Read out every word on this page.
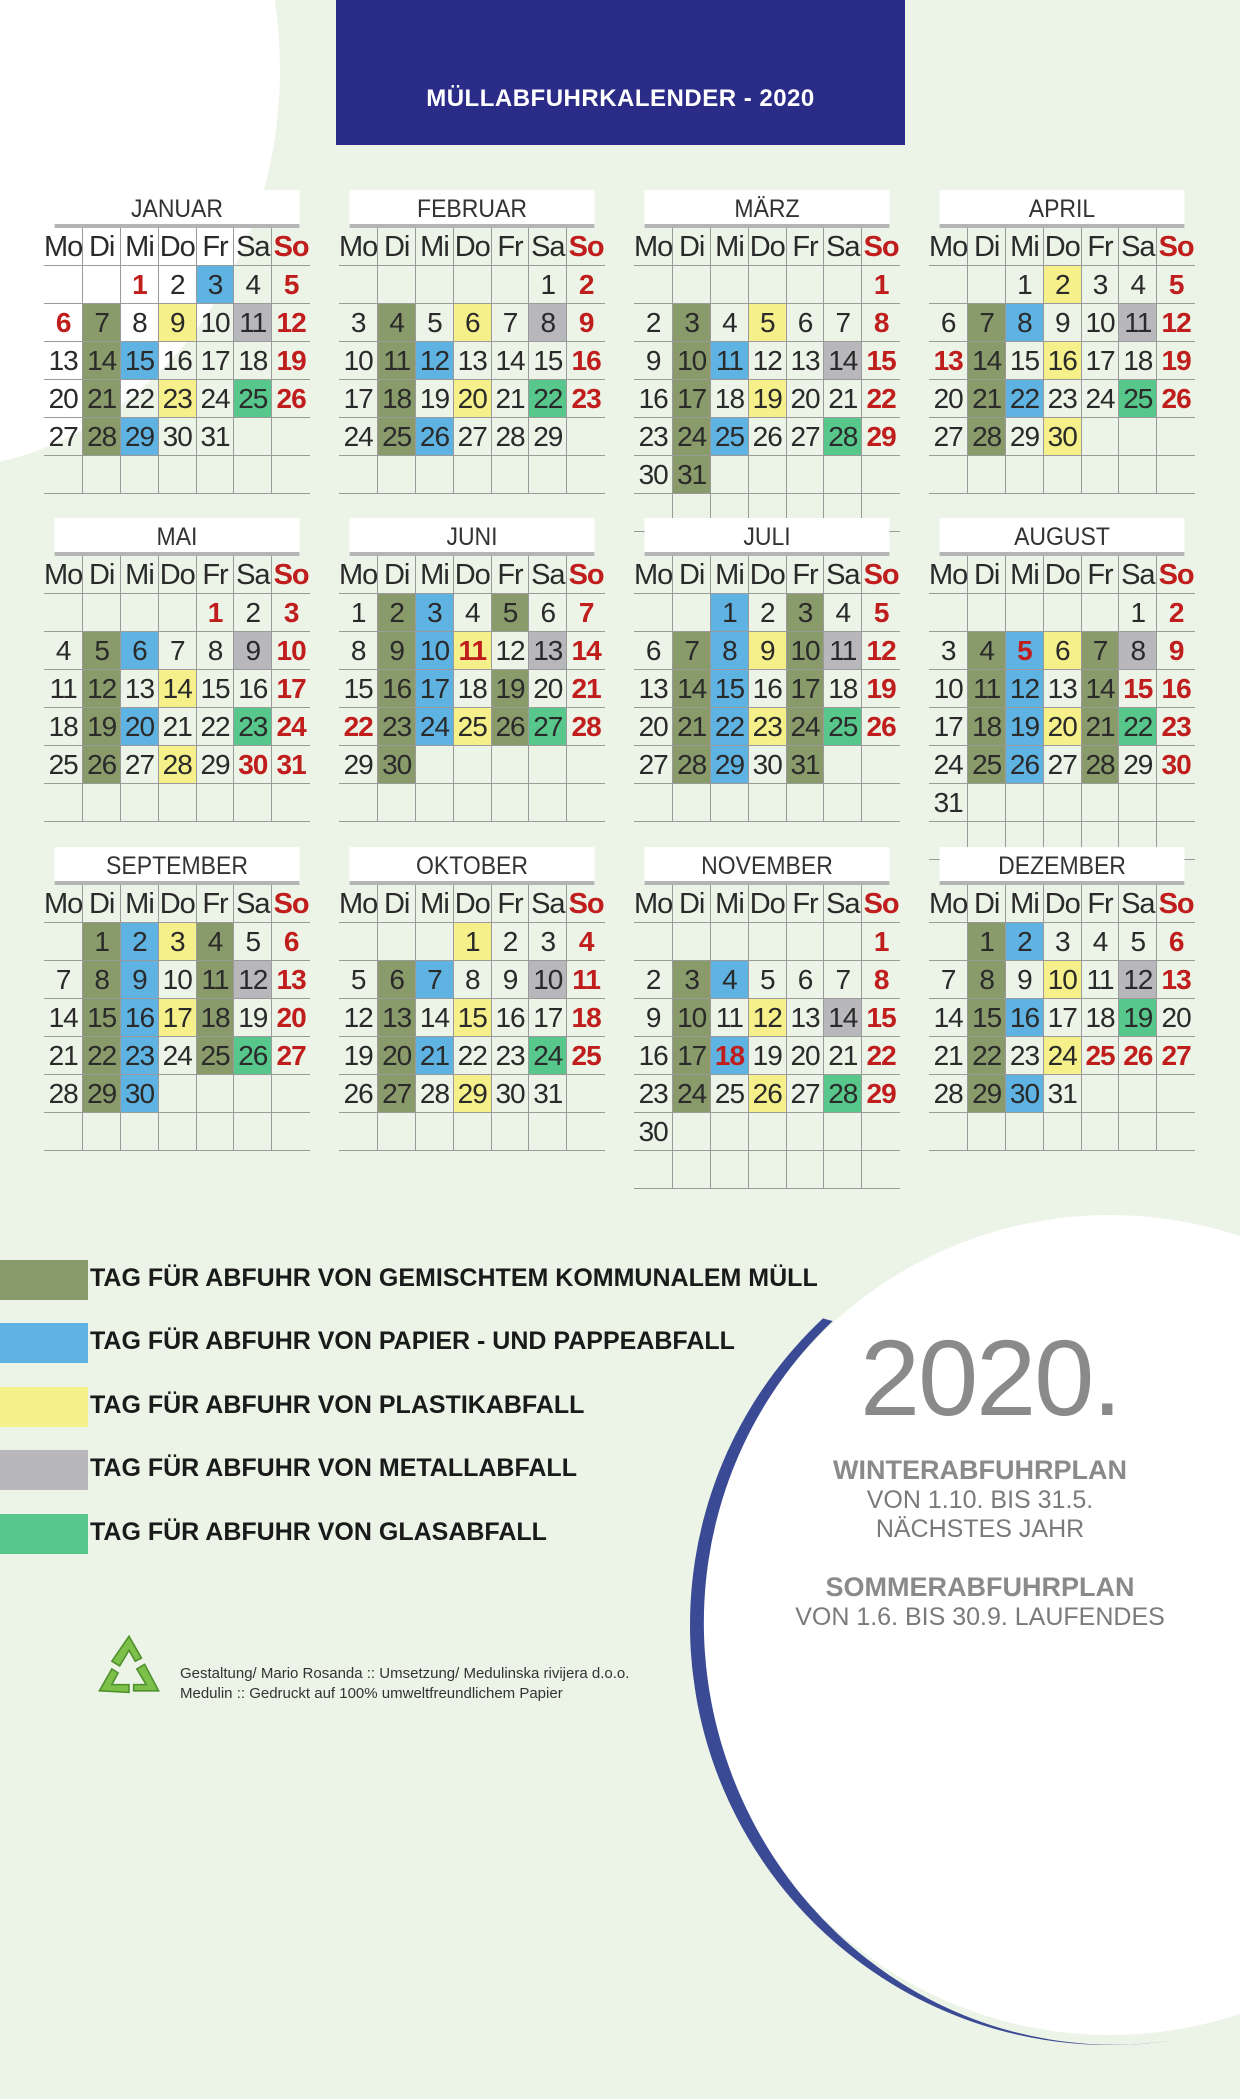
MÜLLABFUHRKALENDER - 2020
JANUAR
Mo Di Mi Do Fr Sa So
1 2 3 4 5
6 7 8 9 10 11 12
13 14 15 16 17 18 19
20 21 22 23 24 25 26
27 28 29 30 31
FEBRUAR
Mo Di Mi Do Fr Sa So
1 2
3 4 5 6 7 8 9
10 11 12 13 14 15 16
17 18 19 20 21 22 23
24 25 26 27 28 29
MÄRZ
Mo Di Mi Do Fr Sa So
1
2 3 4 5 6 7 8
9 10 11 12 13 14 15
16 17 18 19 20 21 22
23 24 25 26 27 28 29
30 31
APRIL
Mo Di Mi Do Fr Sa So
1 2 3 4 5
6 7 8 9 10 11 12
13 14 15 16 17 18 19
20 21 22 23 24 25 26
27 28 29 30
MAI
Mo Di Mi Do Fr Sa So
1 2 3
4 5 6 7 8 9 10
11 12 13 14 15 16 17
18 19 20 21 22 23 24
25 26 27 28 29 30 31
JUNI
Mo Di Mi Do Fr Sa So
1 2 3 4 5 6 7
8 9 10 11 12 13 14
15 16 17 18 19 20 21
22 23 24 25 26 27 28
29 30
JULI
Mo Di Mi Do Fr Sa So
1 2 3 4 5
6 7 8 9 10 11 12
13 14 15 16 17 18 19
20 21 22 23 24 25 26
27 28 29 30 31
AUGUST
Mo Di Mi Do Fr Sa So
1 2
3 4 5 6 7 8 9
10 11 12 13 14 15 16
17 18 19 20 21 22 23
24 25 26 27 28 29 30
31
SEPTEMBER
Mo Di Mi Do Fr Sa So
1 2 3 4 5 6
7 8 9 10 11 12 13
14 15 16 17 18 19 20
21 22 23 24 25 26 27
28 29 30
OKTOBER
Mo Di Mi Do Fr Sa So
1 2 3 4
5 6 7 8 9 10 11
12 13 14 15 16 17 18
19 20 21 22 23 24 25
26 27 28 29 30 31
NOVEMBER
Mo Di Mi Do Fr Sa So
1
2 3 4 5 6 7 8
9 10 11 12 13 14 15
16 17 18 19 20 21 22
23 24 25 26 27 28 29
30
DEZEMBER
Mo Di Mi Do Fr Sa So
1 2 3 4 5 6
7 8 9 10 11 12 13
14 15 16 17 18 19 20
21 22 23 24 25 26 27
28 29 30 31
TAG FÜR ABFUHR VON GEMISCHTEM KOMMUNALEM MÜLL
TAG FÜR ABFUHR VON PAPIER - UND PAPPEABFALL
TAG FÜR ABFUHR VON PLASTIKABFALL
TAG FÜR ABFUHR VON METALLABFALL
TAG FÜR ABFUHR VON GLASABFALL
2020.
WINTERABFUHRPLAN
VON 1.10. BIS 31.5.
NÄCHSTES JAHR
SOMMERABFUHRPLAN
VON 1.6. BIS 30.9. LAUFENDES
Gestaltung/ Mario Rosanda :: Umsetzung/ Medulinska rivijera d.o.o.
Medulin :: Gedruckt auf 100% umweltfreundlichem Papier
